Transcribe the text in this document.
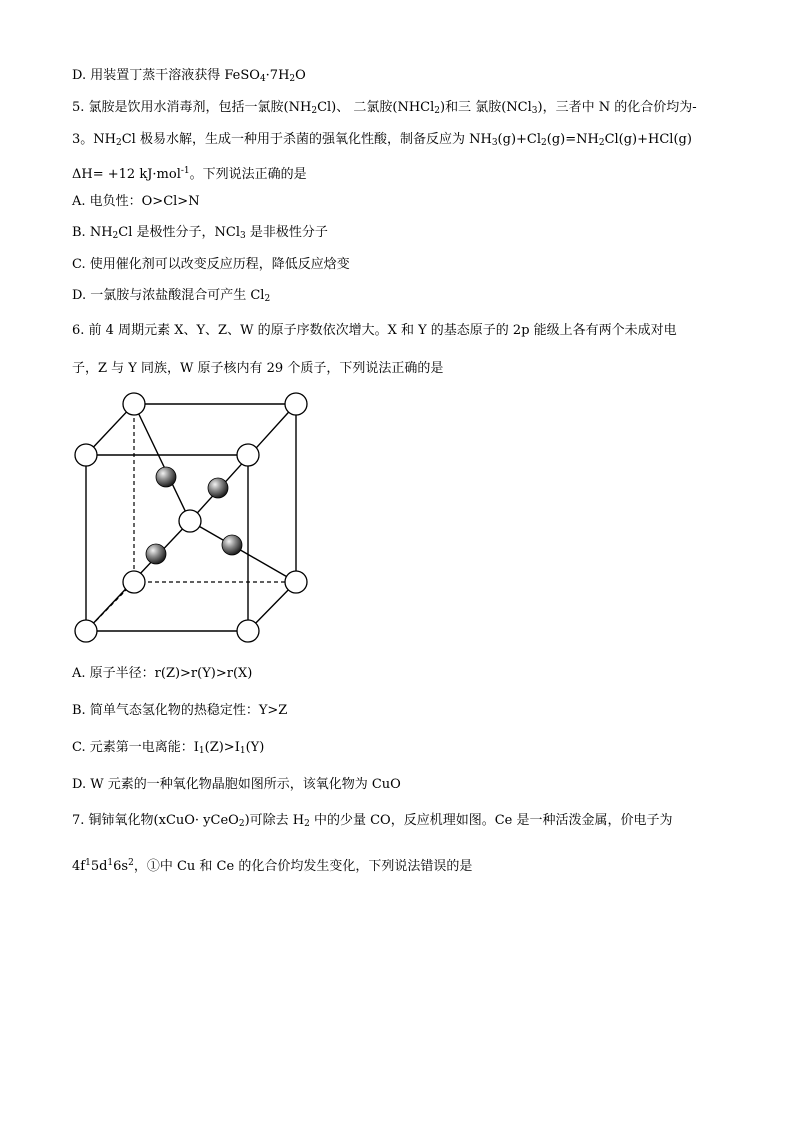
D. 用装置丁蒸干溶液获得 $FeSO_4\cdot 7H_2O$
5. 氯胺是饮用水消毒剂，包括一氯胺$(NH_2Cl)$、 二氯胺(NHCl$_2$)和三 氯胺(NCl$_3$)，三者中 N 的化合价均为-
3。$NH_2Cl$ 极易水解，生成一种用于杀菌的强氧化性酸，制备反应为 $NH_3(g)+Cl_2(g)=NH_2Cl(g)+HCl(g)$
ΔH= +12 kJ·mol$^{-1}$。下列说法正确的是
A. 电负性：O>Cl>N
B. $NH_2Cl$ 是极性分子，NCl$_3$ 是非极性分子
C. 使用催化剂可以改变反应历程，降低反应焓变
D. 一氯胺与浓盐酸混合可产生 $Cl_2$
6. 前 4 周期元素 X、Y、Z、W 的原子序数依次增大。X 和 Y 的基态原子的 2p 能级上各有两个未成对电
子，Z 与 Y 同族，W 原子核内有 29 个质子，下列说法正确的是
A. 原子半径：r(Z)>r(Y)>r(X)
B. 简单气态氢化物的热稳定性：Y>Z
C. 元素第一电离能：$I_1(Z)>I_1(Y)$
D. W 元素的一种氧化物晶胞如图所示，该氧化物为 CuO
7. 铜铈氧化物(xCuO· yCeO$_2$)可除去 $H_2$ 中的少量 CO，反应机理如图。Ce 是一种活泼金属，价电子为
$4f^15d^16s^2$，①中 Cu 和 Ce 的化合价均发生变化，下列说法错误的是
